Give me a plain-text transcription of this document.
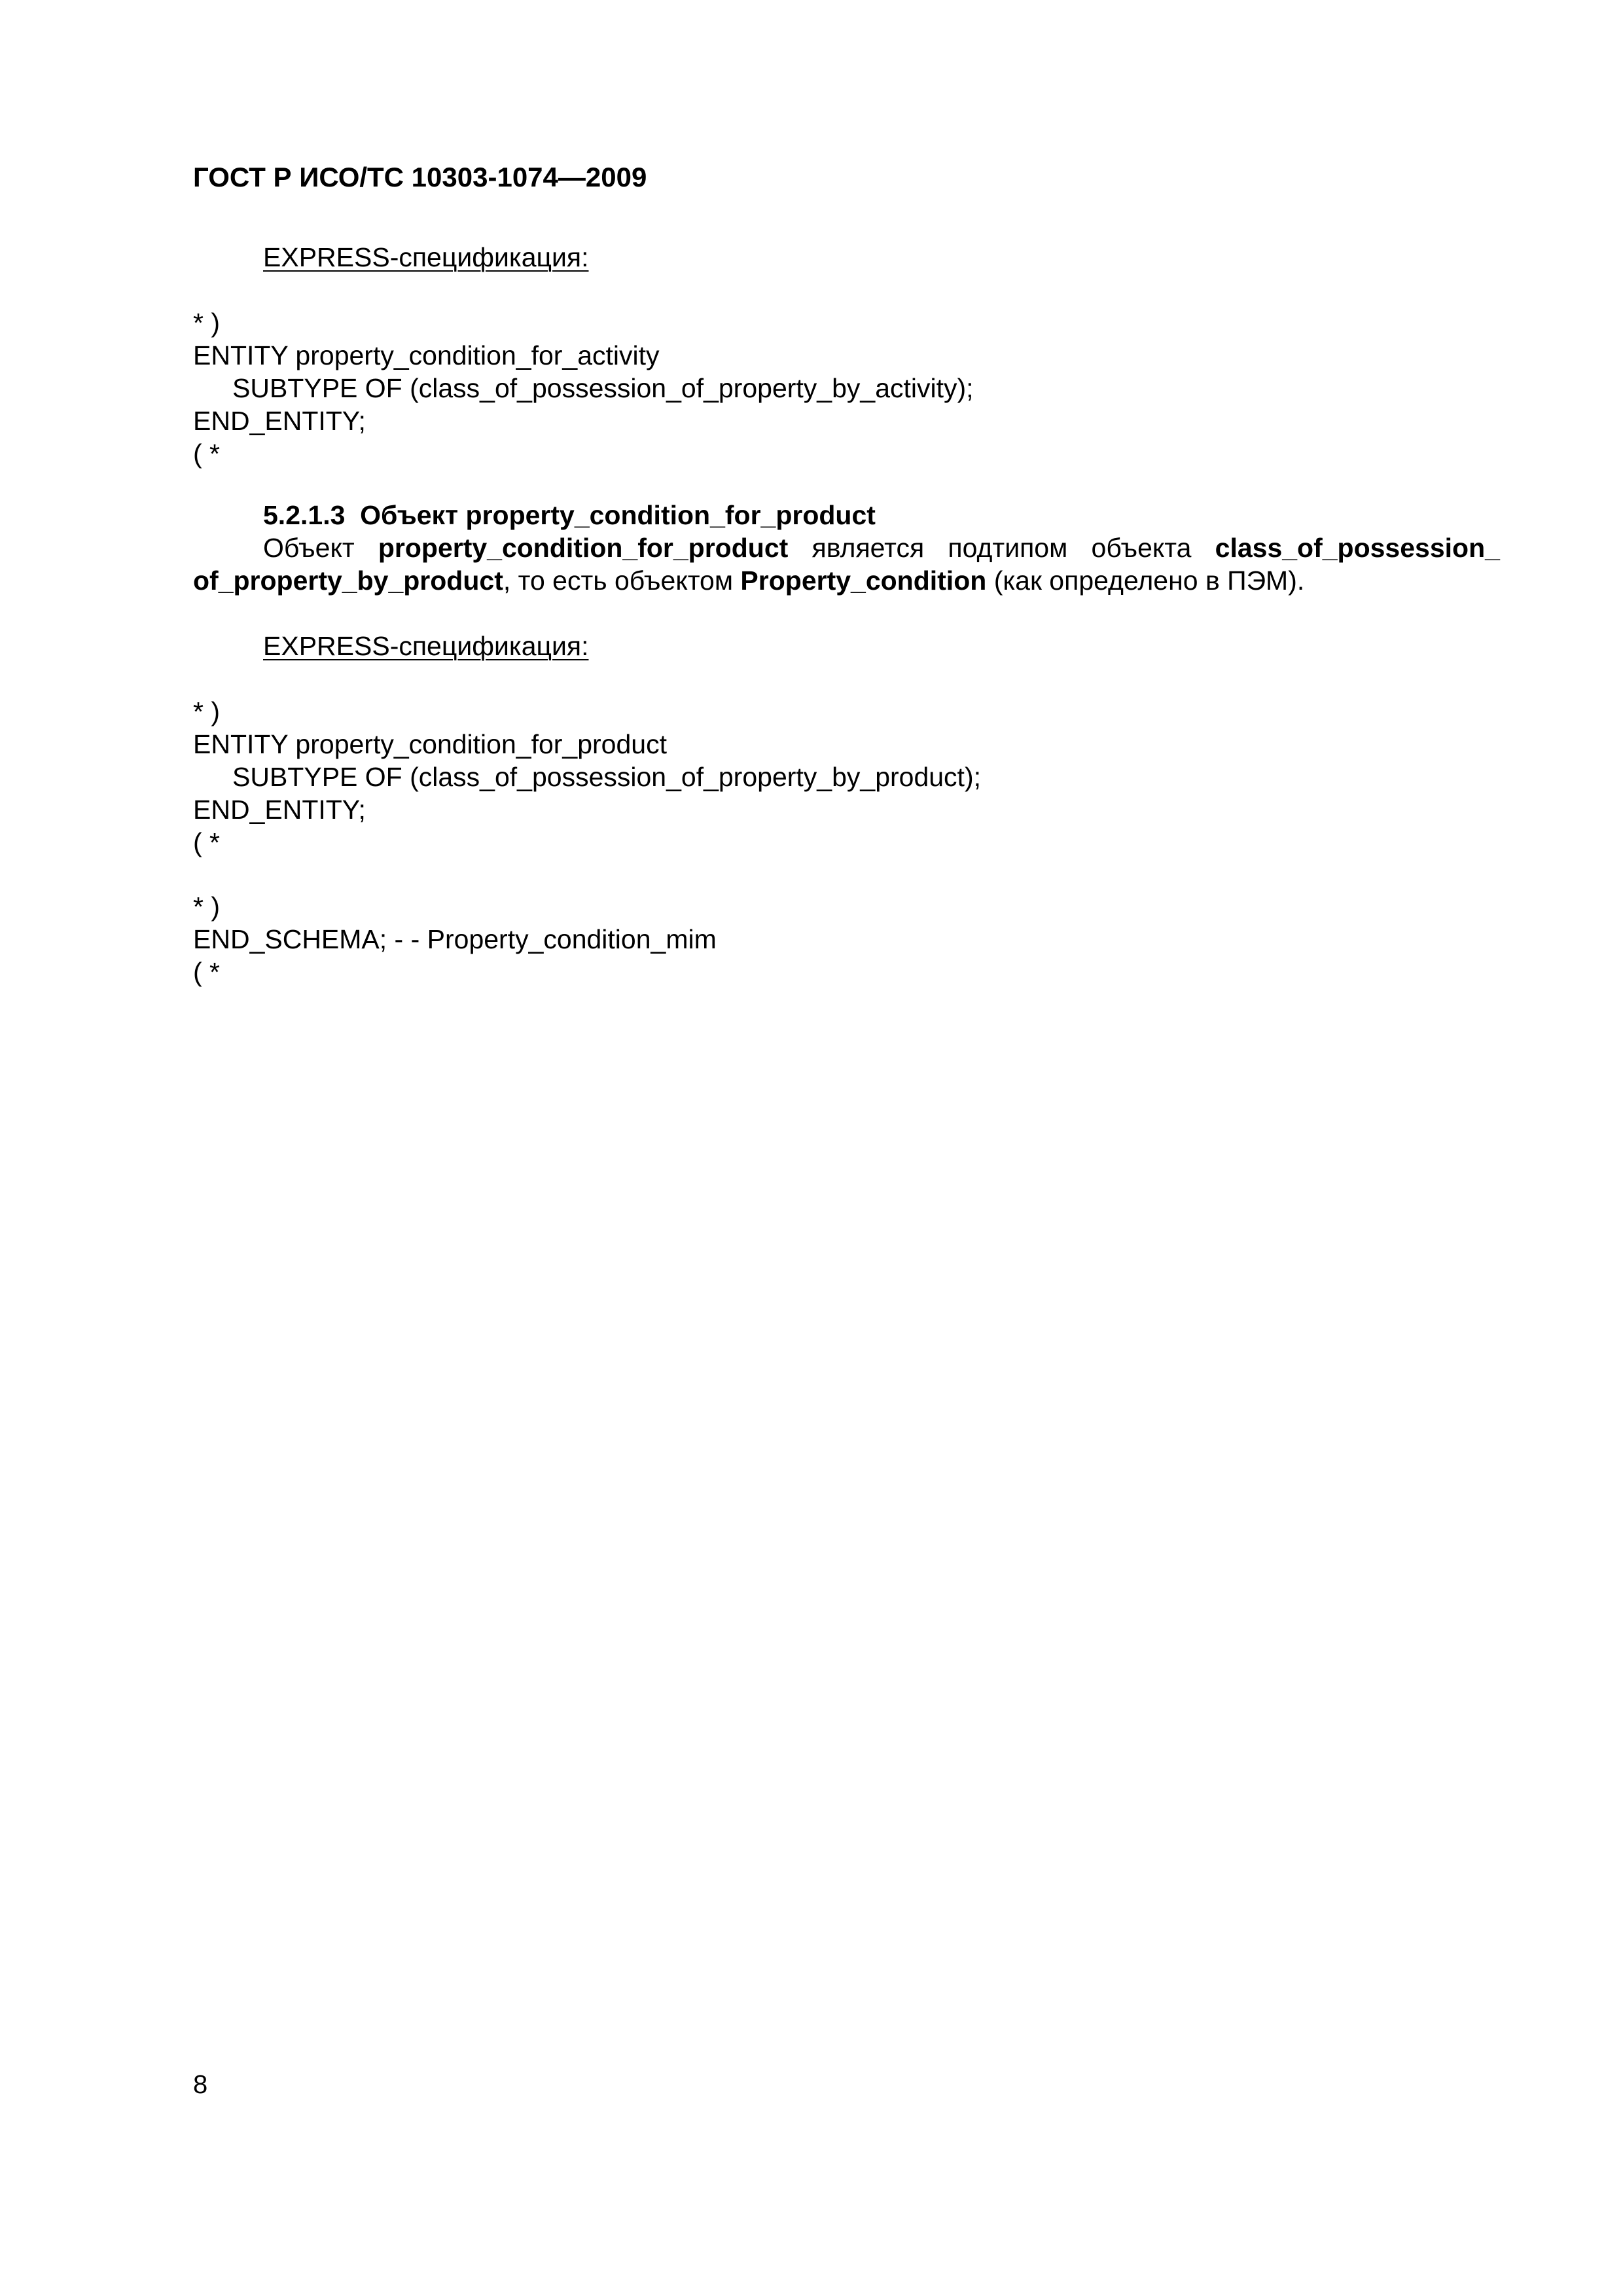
ГОСТ Р ИСО/ТС 10303-1074—2009
EXPRESS-спецификация:
* )
ENTITY property_condition_for_activity
SUBTYPE OF (class_of_possession_of_property_by_activity);
END_ENTITY;
( *
5.2.1.3  Объект property_condition_for_product
Объект property_condition_for_product является подтипом объекта class_of_possession_
of_property_by_product, то есть объектом Property_condition (как определено в ПЭМ).
EXPRESS-спецификация:
* )
ENTITY property_condition_for_product
SUBTYPE OF (class_of_possession_of_property_by_product);
END_ENTITY;
( *
* )
END_SCHEMA; - - Property_condition_mim
( *
8
